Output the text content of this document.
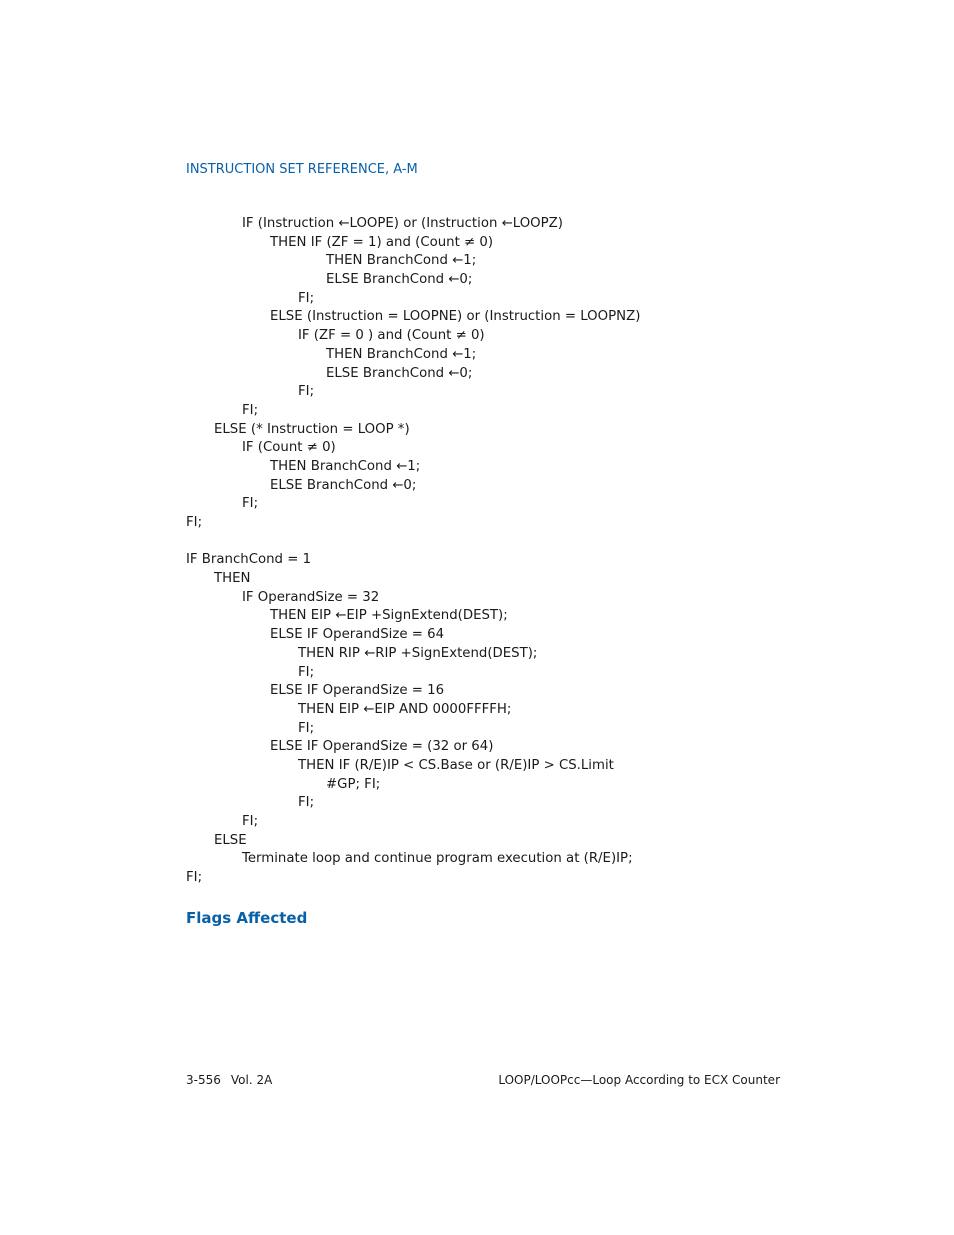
INSTRUCTION SET REFERENCE, A-M
IF (Instruction ←LOOPE) or (Instruction ←LOOPZ)
THEN IF (ZF = 1) and (Count ≠ 0)
THEN BranchCond ←1;
ELSE BranchCond ←0;
FI;
ELSE (Instruction = LOOPNE) or (Instruction = LOOPNZ)
IF (ZF = 0 ) and (Count ≠ 0)
THEN BranchCond ←1;
ELSE BranchCond ←0;
FI;
FI;
ELSE (* Instruction = LOOP *)
IF (Count ≠ 0)
THEN BranchCond ←1;
ELSE BranchCond ←0;
FI;
FI;
IF BranchCond = 1
THEN
IF OperandSize = 32
THEN EIP ←EIP +SignExtend(DEST);
ELSE IF OperandSize = 64
THEN RIP ←RIP +SignExtend(DEST);
FI;
ELSE IF OperandSize = 16
THEN EIP ←EIP AND 0000FFFFH;
FI;
ELSE IF OperandSize = (32 or 64)
THEN IF (R/E)IP < CS.Base or (R/E)IP > CS.Limit
#GP; FI;
FI;
FI;
ELSE
Terminate loop and continue program execution at (R/E)IP;
FI;
Flags Affected
3-556 Vol. 2A	LOOP/LOOPcc—Loop According to ECX Counter
